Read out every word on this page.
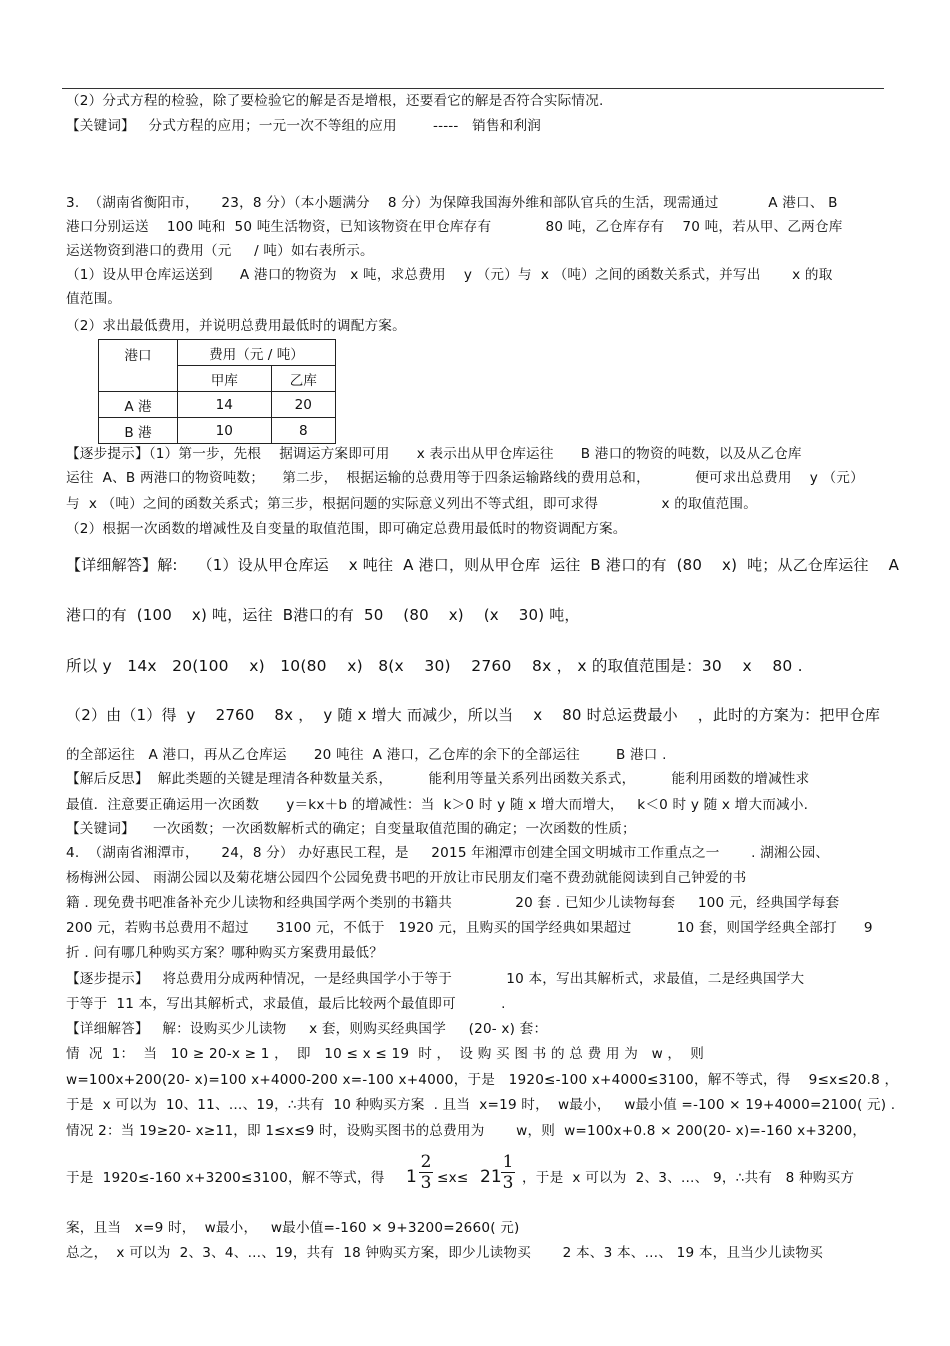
（2）分式方程的检验，除了要检验它的解是否是增根，还要看它的解是否符合实际情况.
【关键词】   分式方程的应用；一元一次不等组的应用        -----   销售和利润
3.  （湖南省衡阳市，     23，8 分）（本小题满分    8 分）为保障我国海外维和部队官兵的生活，现需通过           A 港口、 B
港口分别运送    100 吨和  50 吨生活物资，已知该物资在甲仓库存有            80 吨，乙仓库存有    70 吨，若从甲、乙两仓库
运送物资到港口的费用（元     / 吨）如右表所示。
（1）设从甲仓库运送到      A 港口的物资为   x 吨，求总费用    y （元）与  x （吨）之间的函数关系式，并写出       x 的取
值范围。
（2）求出最低费用，并说明总费用最低时的调配方案。
港口	费用（元 / 吨）	
	甲库	乙库
A 港	14	20
B 港	10	8
【逐步提示】（1）第一步，先根    据调运方案即可用      x 表示出从甲仓库运往      B 港口的物资的吨数，以及从乙仓库
运往  A、B 两港口的物资吨数；    第二步，  根据运输的总费用等于四条运输路线的费用总和，          便可求出总费用    y （元）
与  x （吨）之间的函数关系式；第三步，根据问题的实际意义列出不等式组，即可求得              x 的取值范围。
（2）根据一次函数的增减性及自变量的取值范围，即可确定总费用最低时的物资调配方案。
【详细解答】解:    （1）设从甲仓库运    x 吨往  A 港口，则从甲仓库  运往  B 港口的有  (80    x)  吨；从乙仓库运往    A
港口的有  (100    x) 吨，运往  B港口的有  50    (80    x)    (x    30) 吨，
所以 y   14x   20(100    x)   10(80    x)   8(x    30)    2760    8x ， x 的取值范围是：30    x    80 .
（2）由（1）得  y    2760    8x ，  y 随 x 增大 而减少，所以当    x    80 时总运费最小    ，此时的方案为：把甲仓库
的全部运往   A 港口，再从乙仓库运      20 吨往  A 港口，乙仓库的余下的全部运往        B 港口 .
【解后反思】  解此类题的关键是理清各种数量关系，        能利用等量关系列出函数关系式，        能利用函数的增减性求
最值．注意要正确运用一次函数      y＝kx＋b 的增减性：当  k＞0 时 y 随 x 增大而增大，   k＜0 时 y 随 x 增大而减小.
【关键词】    一次函数；一次函数解析式的确定；自变量取值范围的确定；一次函数的性质；
4.  （湖南省湘潭市，     24，8 分） 办好惠民工程，是     2015 年湘潭市创建全国文明城市工作重点之一       . 湖湘公园、
杨梅洲公园、 雨湖公园以及菊花塘公园四个公园免费书吧的开放让市民朋友们毫不费劲就能阅读到自己钟爱的书
籍 . 现免费书吧准备补充少儿读物和经典国学两个类别的书籍共              20 套 . 已知少儿读物每套     100 元，经典国学每套
200 元，若购书总费用不超过      3100 元，不低于   1920 元，且购买的国学经典如果超过          10 套，则国学经典全部打      9
折 . 问有哪几种购买方案？哪种购买方案费用最低？
【逐步提示】   将总费用分成两种情况，一是经典国学小于等于            10 本，写出其解析式，求最值，二是经典国学大
于等于  11 本，写出其解析式，求最值，最后比较两个最值即可          .
【详细解答】   解：设购买少儿读物     x 套，则购买经典国学     (20- x) 套：
情  况  1：  当   10 ≥ 20-x ≥ 1 ，  即   10 ≤ x ≤ 19  时 ，  设 购 买 图 书 的 总 费 用 为   w ，  则
w=100x+200(20- x)=100 x+4000-200 x=-100 x+4000，于是   1920≤-100 x+4000≤3100，解不等式，得    9≤x≤20.8 ，
于是  x 可以为  10、11、…、19，∴共有  10 种购买方案  . 且当  x=19 时，  w最小，   w最小值 =-100 × 19+4000=2100( 元) .
情况 2：当 19≥20- x≥11，即 1≤x≤9 时，设购买图书的总费用为       w，则  w=100x+0.8 × 200(20- x)=-160 x+3200，
于是  1920≤-160 x+3200≤3100，解不等式，得 1
2
3 ≤x≤ 21
1
3 ，于是  x 可以为  2、3、…、 9，∴共有   8 种购买方
案，且当   x=9 时，  w最小，   w最小值=-160 × 9+3200=2660( 元)
总之，  x 可以为  2、3、4、…、19，共有  18 钟购买方案，即少儿读物买       2 本、3 本、…、 19 本，且当少儿读物买
